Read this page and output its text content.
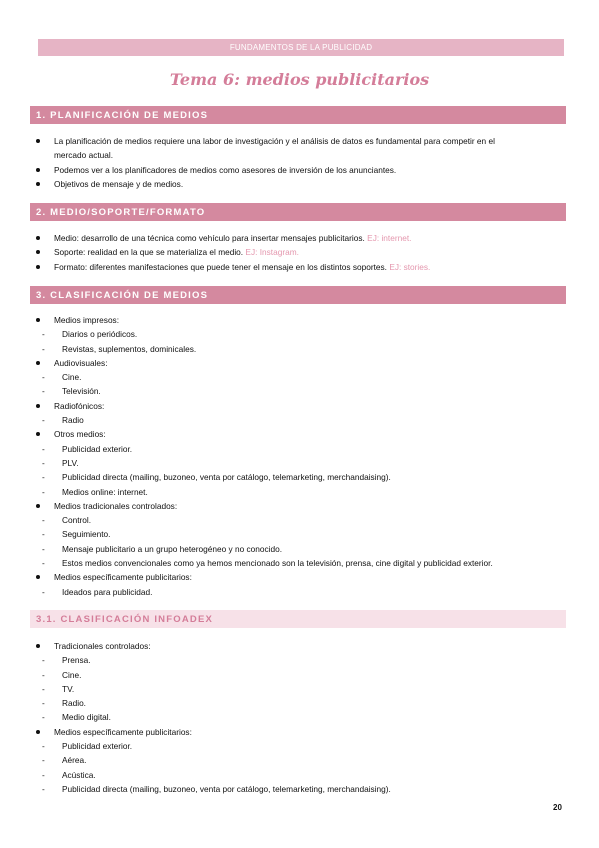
FUNDAMENTOS DE LA PUBLICIDAD
Tema 6: medios publicitarios
1. PLANIFICACIÓN DE MEDIOS
La planificación de medios requiere una labor de investigación y el análisis de datos es fundamental para competir en el
mercado actual.
Podemos ver a los planificadores de medios como asesores de inversión de los anunciantes.
Objetivos de mensaje y de medios.
2. MEDIO/SOPORTE/FORMATO
Medio: desarrollo de una técnica como vehículo para insertar mensajes publicitarios. EJ: internet.
Soporte: realidad en la que se materializa el medio. EJ: Instagram.
Formato: diferentes manifestaciones que puede tener el mensaje en los distintos soportes. EJ: stories.
3. CLASIFICACIÓN DE MEDIOS
Medios impresos:
- Diarios o periódicos.
- Revistas, suplementos, dominicales.
Audiovisuales:
- Cine.
- Televisión.
Radiofónicos:
- Radio
Otros medios:
- Publicidad exterior.
- PLV.
- Publicidad directa (mailing, buzoneo, venta por catálogo, telemarketing, merchandaising).
- Medios online: internet.
Medios tradicionales controlados:
- Control.
- Seguimiento.
- Mensaje publicitario a un grupo heterogéneo y no conocido.
- Estos medios convencionales como ya hemos mencionado son la televisión, prensa, cine digital y publicidad exterior.
Medios específicamente publicitarios:
- Ideados para publicidad.
3.1. CLASIFICACIÓN INFOADEX
Tradicionales controlados:
- Prensa.
- Cine.
- TV.
- Radio.
- Medio digital.
Medios específicamente publicitarios:
- Publicidad exterior.
- Aérea.
- Acústica.
- Publicidad directa (mailing, buzoneo, venta por catálogo, telemarketing, merchandaising).
20
